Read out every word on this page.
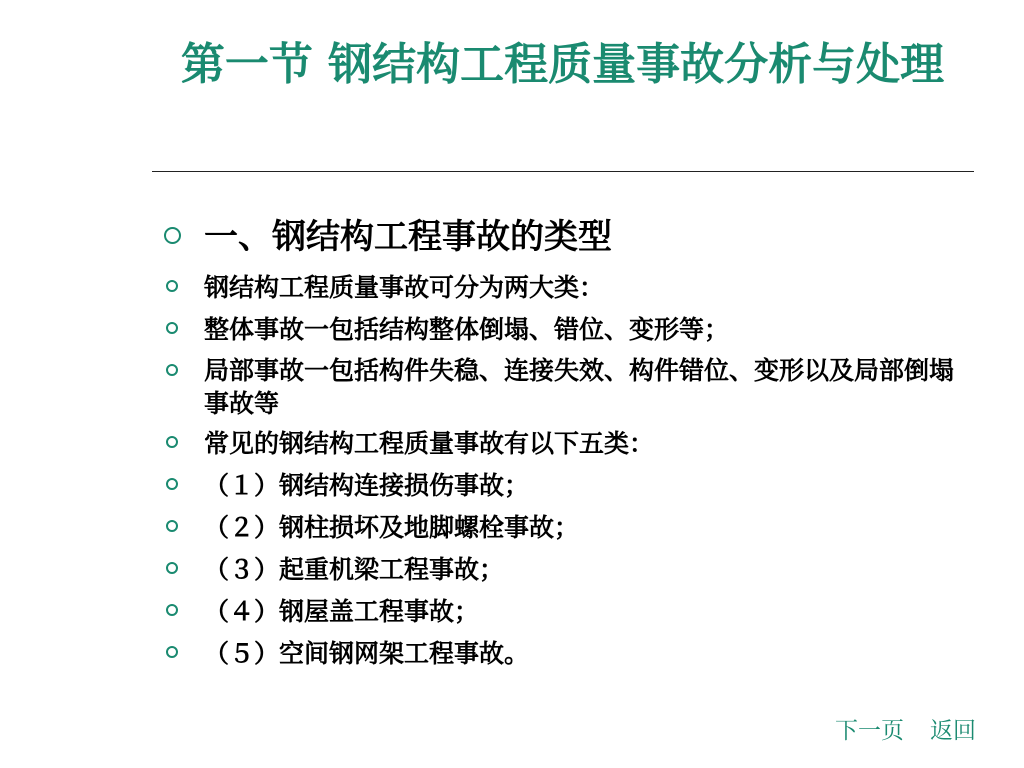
第一节 钢结构工程质量事故分析与处理
一、钢结构工程事故的类型
钢结构工程质量事故可分为两大类：
整体事故一包括结构整体倒塌、错位、变形等；
局部事故一包括构件失稳、连接失效、构件错位、变形以及局部倒塌事故等
常见的钢结构工程质量事故有以下五类：
（１）钢结构连接损伤事故；
（２）钢柱损坏及地脚螺栓事故；
（３）起重机梁工程事故；
（４）钢屋盖工程事故；
（５）空间钢网架工程事故。
下一页 返回
